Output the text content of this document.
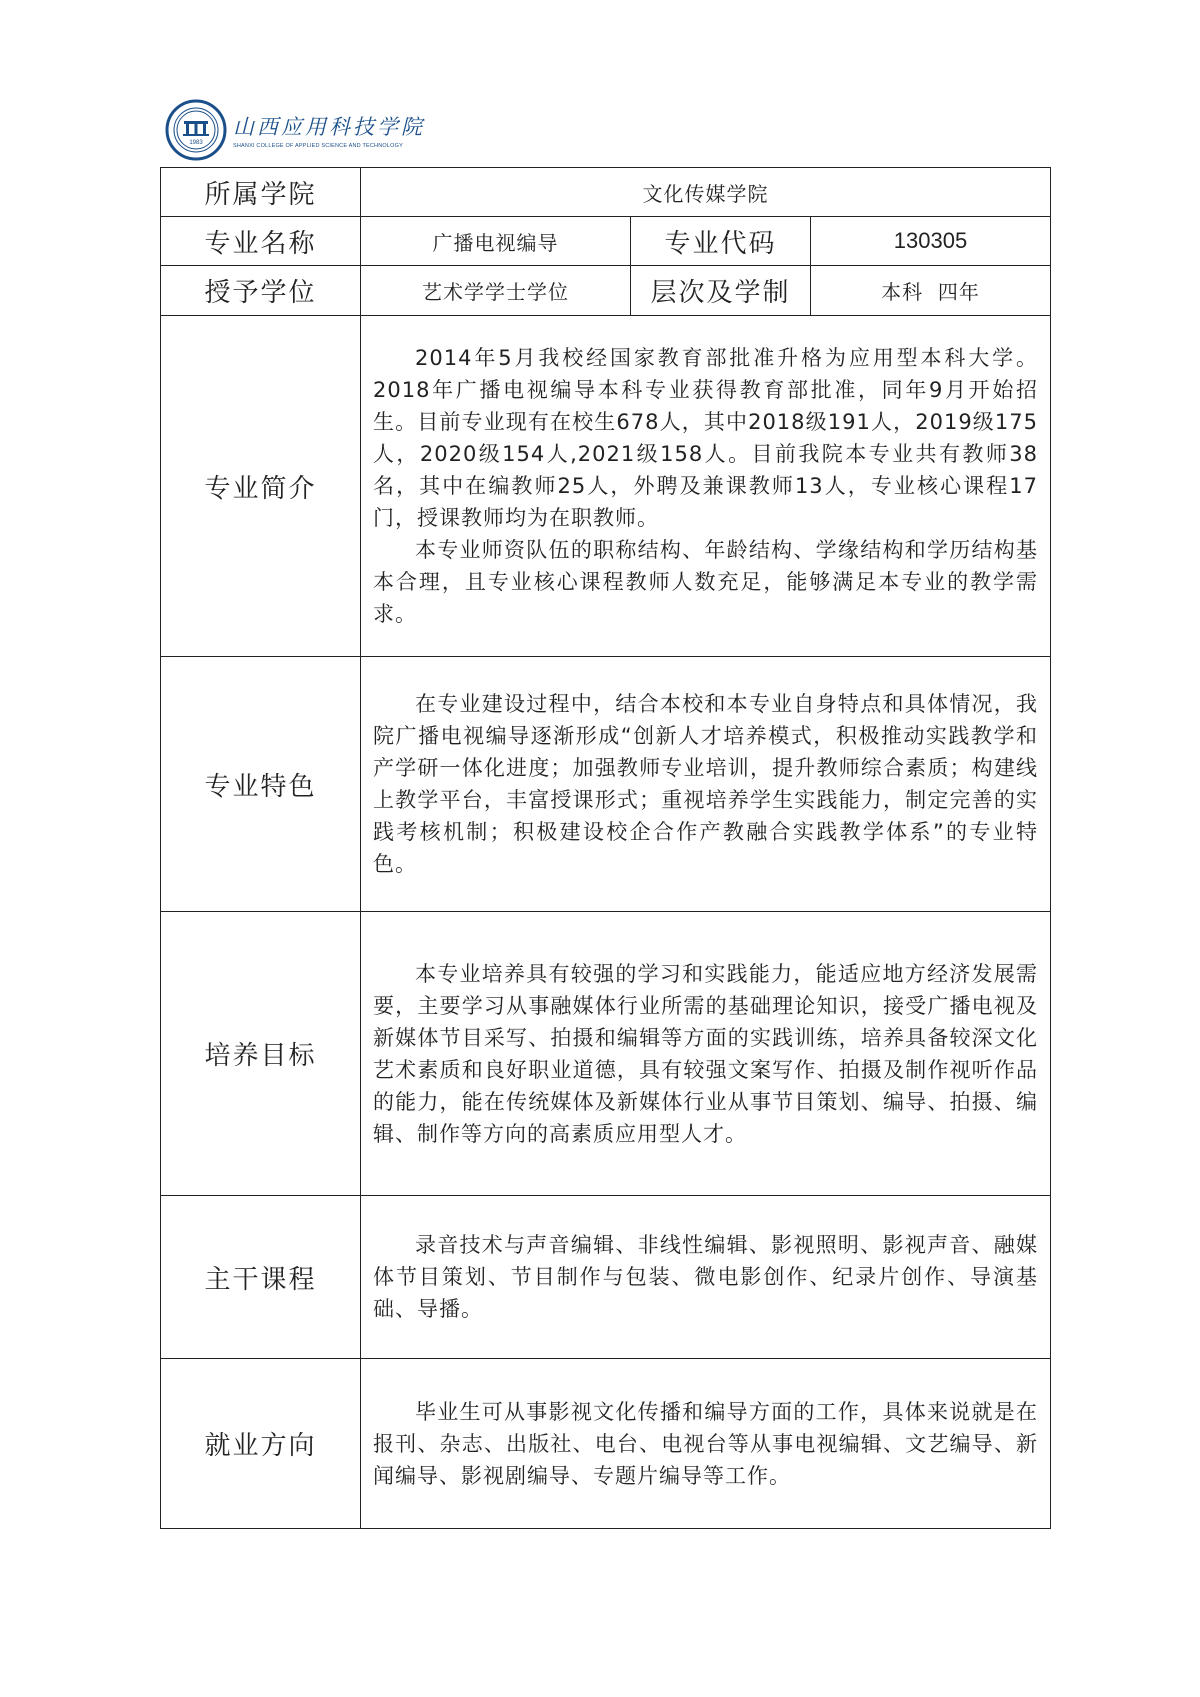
1983
山西应用科技学院
SHANXI COLLEGE OF APPLIED SCIENCE AND TECHNOLOGY
所属学院	文化传媒学院		
专业名称	广播电视编导	专业代码	130305
授予学位	艺术学学士学位	层次及学制	本科  四年
专业简介	2014年5月我校经国家教育部批准升格为应用型本科大学。2018年广播电视编导本科专业获得教育部批准，同年9月开始招生。目前专业现有在校生678人，其中2018级191人，2019级175人，2020级154人,2021级158人。目前我院本专业共有教师38名，其中在编教师25人，外聘及兼课教师13人，专业核心课程17门，授课教师均为在职教师。

本专业师资队伍的职称结构、年龄结构、学缘结构和学历结构基本合理，且专业核心课程教师人数充足，能够满足本专业的教学需求。		

专业特色	在专业建设过程中，结合本校和本专业自身特点和具体情况，我院广播电视编导逐渐形成“创新人才培养模式，积极推动实践教学和产学研一体化进度；加强教师专业培训，提升教师综合素质；构建线上教学平台，丰富授课形式；重视培养学生实践能力，制定完善的实践考核机制；积极建设校企合作产教融合实践教学体系”的专业特色。		

培养目标	本专业培养具有较强的学习和实践能力，能适应地方经济发展需要，主要学习从事融媒体行业所需的基础理论知识，接受广播电视及新媒体节目采写、拍摄和编辑等方面的实践训练，培养具备较深文化艺术素质和良好职业道德，具有较强文案写作、拍摄及制作视听作品的能力，能在传统媒体及新媒体行业从事节目策划、编导、拍摄、编辑、制作等方向的高素质应用型人才。		

主干课程	录音技术与声音编辑、非线性编辑、影视照明、影视声音、融媒体节目策划、节目制作与包装、微电影创作、纪录片创作、导演基础、导播。		

就业方向	毕业生可从事影视文化传播和编导方面的工作，具体来说就是在报刊、杂志、出版社、电台、电视台等从事电视编辑、文艺编导、新闻编导、影视剧编导、专题片编导等工作。		
